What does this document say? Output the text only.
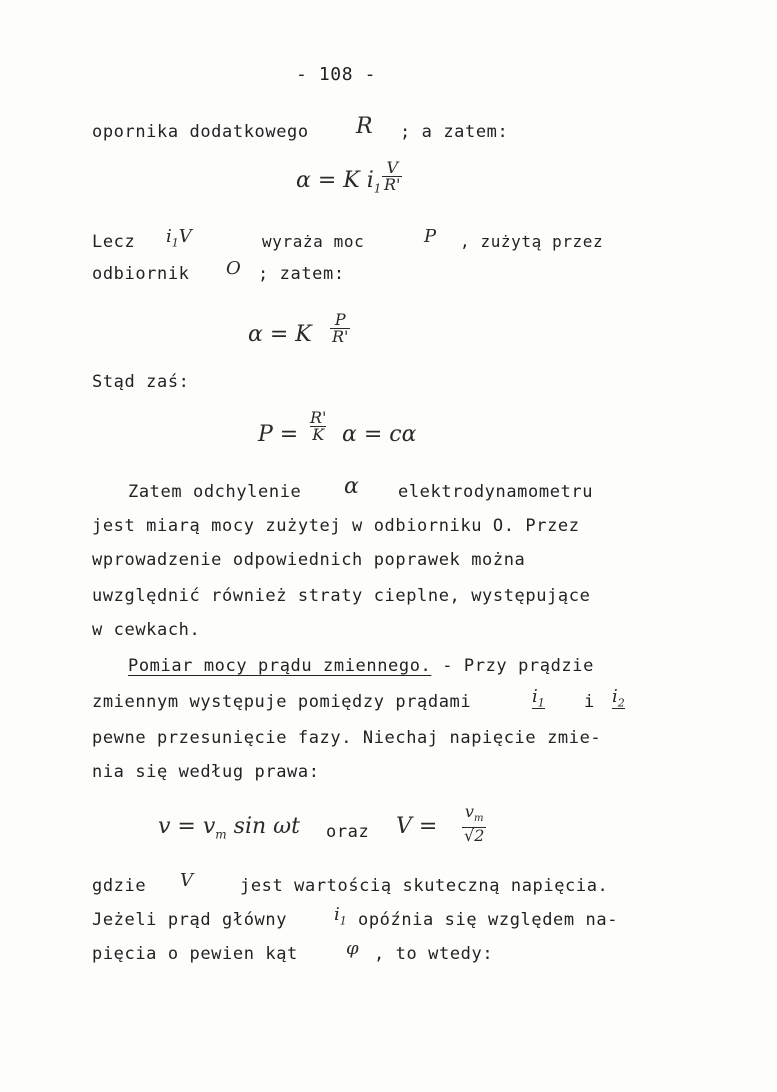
- 108 -
opornika dodatkowego R ; a zatem:
α = K $i_1 \frac{V}{R'}$
Lecz $i_1V$	wyraża moc	P , zużytą przez
odbiornik O ; zatem:
α = K $\frac{P}{R'}$
Stąd zaś:
$P = \frac{R'}{K}$ α = cα
Zatem odchylenie α elektrodynamometru
jest miarą mocy zużytej w odbiorniku O. Przez
wprowadzenie odpowiednich poprawek można
uwzględnić również straty cieplne, występujące
w cewkach.
Pomiar mocy prądu zmiennego. - Przy prądzie
zmiennym występuje pomiędzy prądami	$i_1$ i $i_2$
pewne przesunięcie fazy. Niechaj napięcie zmie-
nia się według prawa:
$v = v_m$ sin ωt oraz $V = \frac{v_m}{√2}$
gdzie V	jest wartością skuteczną napięcia.
Jeżeli prąd główny	$i_1$ opóźnia się względem na-
pięcia o pewien kąt	φ , to wtedy:
